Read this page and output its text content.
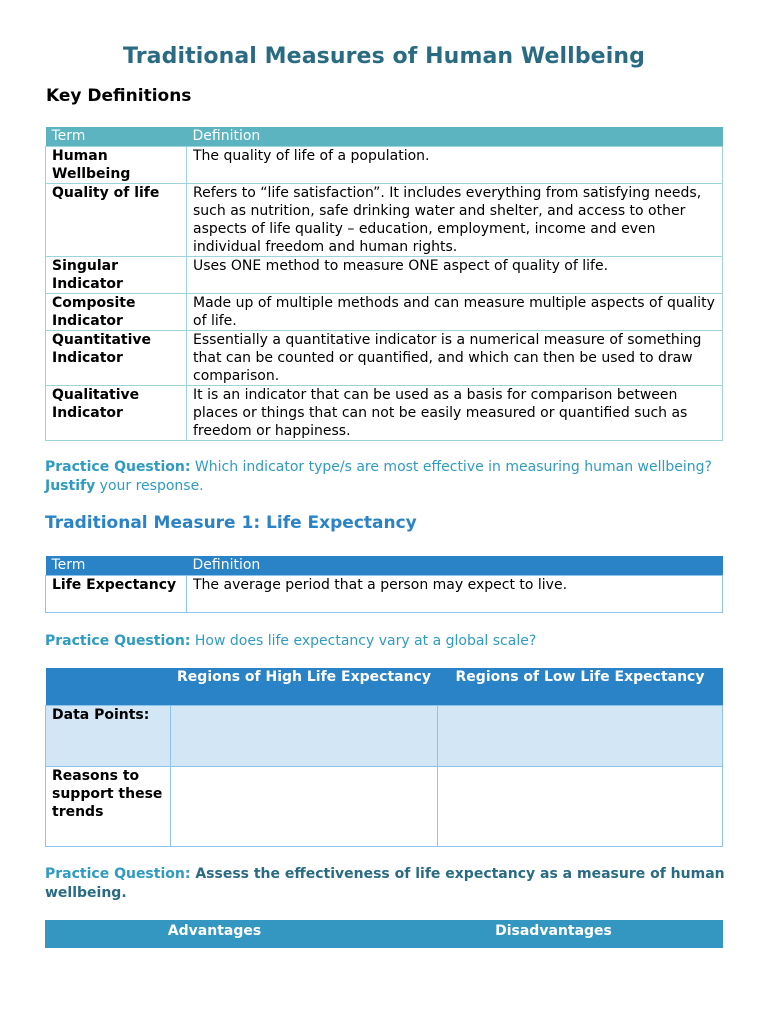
Traditional Measures of Human Wellbeing
Key Definitions
Term	Definition
Human Wellbeing	The quality of life of a population.
Quality of life	Refers to “life satisfaction”. It includes everything from satisfying needs, such as nutrition, safe drinking water and shelter, and access to other aspects of life quality – education, employment, income and even individual freedom and human rights.
Singular Indicator	Uses ONE method to measure ONE aspect of quality of life.
Composite Indicator	Made up of multiple methods and can measure multiple aspects of quality of life.
Quantitative Indicator	Essentially a quantitative indicator is a numerical measure of something that can be counted or quantified, and which can then be used to draw comparison.
Qualitative Indicator	It is an indicator that can be used as a basis for comparison between places or things that can not be easily measured or quantified such as freedom or happiness.
Practice Question: Which indicator type/s are most effective in measuring human wellbeing? Justify your response.
Traditional Measure 1: Life Expectancy
Term	Definition
Life Expectancy	The average period that a person may expect to live.
Practice Question: How does life expectancy vary at a global scale?
	Regions of High Life Expectancy	Regions of Low Life Expectancy
Data Points:		
Reasons to support these trends		
Practice Question: Assess the effectiveness of life expectancy as a measure of human wellbeing.
Advantages	Disadvantages
